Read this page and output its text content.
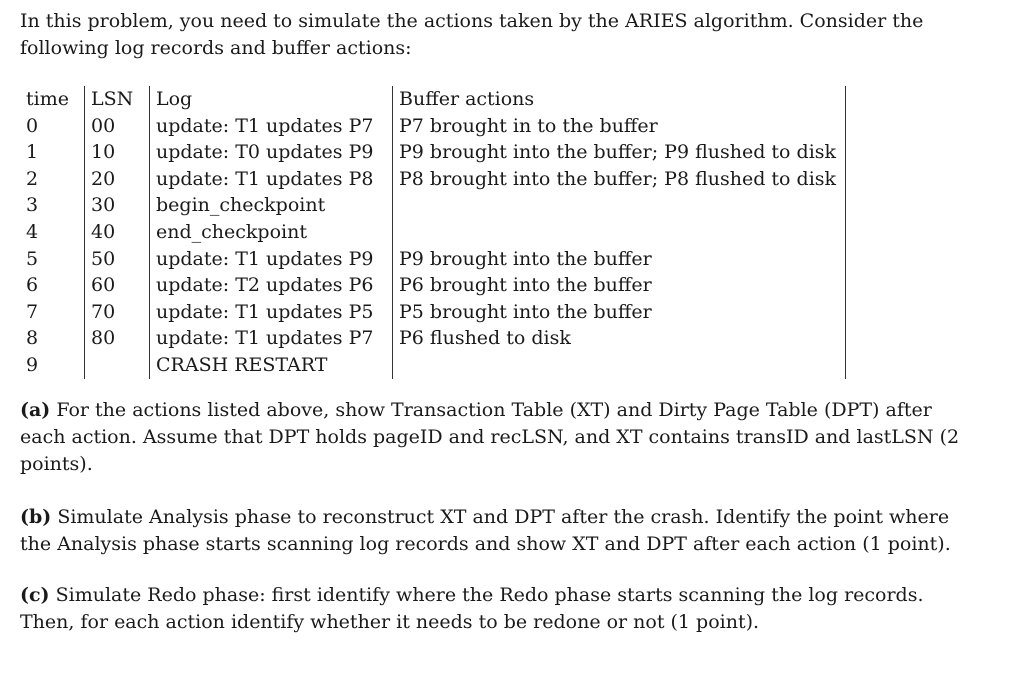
In this problem, you need to simulate the actions taken by the ARIES algorithm. Consider the following log records and buffer actions:

time	LSN	Log	Buffer actions
0	00	update: T1 updates P7	P7 brought in to the buffer
1	10	update: T0 updates P9	P9 brought into the buffer; P9 flushed to disk
2	20	update: T1 updates P8	P8 brought into the buffer; P8 flushed to disk
3	30	begin_checkpoint	
4	40	end_checkpoint	
5	50	update: T1 updates P9	P9 brought into the buffer
6	60	update: T2 updates P6	P6 brought into the buffer
7	70	update: T1 updates P5	P5 brought into the buffer
8	80	update: T1 updates P7	P6 flushed to disk
9		CRASH RESTART	

(a) For the actions listed above, show Transaction Table (XT) and Dirty Page Table (DPT) after each action. Assume that DPT holds pageID and recLSN, and XT contains transID and lastLSN (2 points).

(b) Simulate Analysis phase to reconstruct XT and DPT after the crash. Identify the point where the Analysis phase starts scanning log records and show XT and DPT after each action (1 point).

(c) Simulate Redo phase: first identify where the Redo phase starts scanning the log records. Then, for each action identify whether it needs to be redone or not (1 point).
